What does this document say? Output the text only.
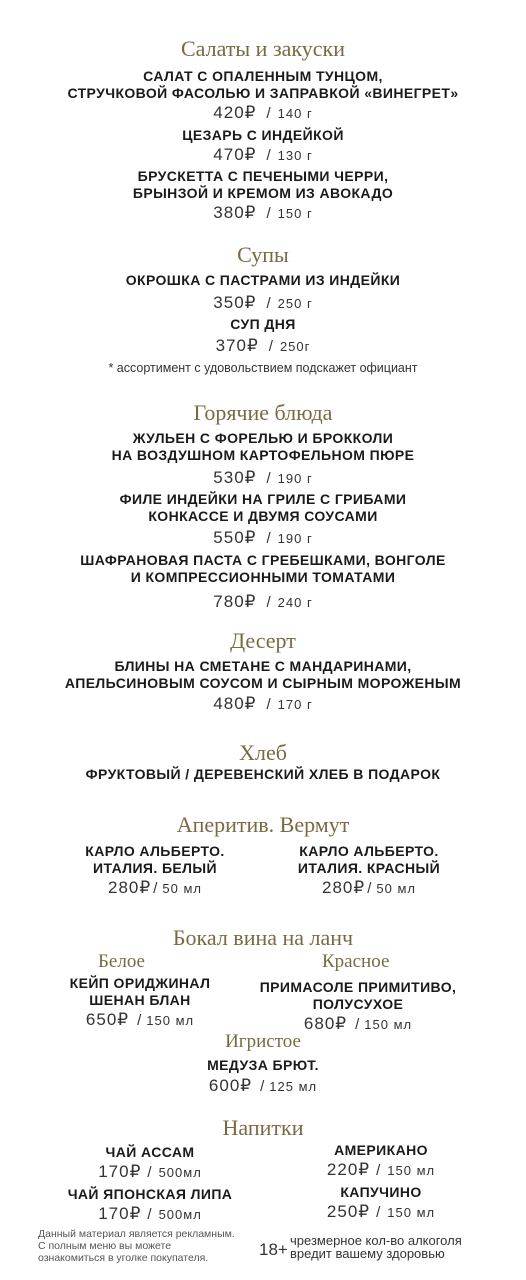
Салаты и закуски

САЛАТ С ОПАЛЕННЫМ ТУНЦОМ,

СТРУЧКОВОЙ ФАСОЛЬЮ И ЗАПРАВКОЙ «ВИНЕГРЕТ»

420₽ / 140 г

ЦЕЗАРЬ С ИНДЕЙКОЙ

470₽ / 130 г

БРУСКЕТТА С ПЕЧЕНЫМИ ЧЕРРИ,

БРЫНЗОЙ И КРЕМОМ ИЗ АВОКАДО

380₽ / 150 г

Супы

ОКРОШКА С ПАСТРАМИ ИЗ ИНДЕЙКИ

350₽ / 250 г

СУП ДНЯ

370₽ / 250г
* ассортимент с удовольствием подскажет официант

Горячие блюда

ЖУЛЬЕН С ФОРЕЛЬЮ И БРОККОЛИ

НА ВОЗДУШНОМ КАРТОФЕЛЬНОМ ПЮРЕ

530₽ / 190 г

ФИЛЕ ИНДЕЙКИ НА ГРИЛЕ С ГРИБАМИ

КОНКАССЕ И ДВУМЯ СОУСАМИ

550₽ / 190 г

ШАФРАНОВАЯ ПАСТА С ГРЕБЕШКАМИ, ВОНГОЛЕ

И КОМПРЕССИОННЫМИ ТОМАТАМИ

780₽ / 240 г

Десерт

БЛИНЫ НА СМЕТАНЕ С МАНДАРИНАМИ,

АПЕЛЬСИНОВЫМ СОУСОМ И СЫРНЫМ МОРОЖЕНЫМ

480₽ / 170 г

Хлеб

ФРУКТОВЫЙ / ДЕРЕВЕНСКИЙ ХЛЕБ В ПОДАРОК

Аперитив. Вермут

КАРЛО АЛЬБЕРТО.

ИТАЛИЯ. БЕЛЫЙ

280₽ / 50 мл

КАРЛО АЛЬБЕРТО.

ИТАЛИЯ. КРАСНЫЙ

280₽ / 50 мл

Бокал вина на ланч

Белое

КЕЙП ОРИДЖИНАЛ

ШЕНАН БЛАН

650₽ / 150 мл

Красное

ПРИМАСОЛЕ ПРИМИТИВО,

ПОЛУСУХОЕ

680₽ / 150 мл

Игристое

МЕДУЗА БРЮТ.

600₽ / 125 мл

Напитки

ЧАЙ АССАМ

170₽ / 500мл

ЧАЙ ЯПОНСКАЯ ЛИПА

170₽ / 500мл

АМЕРИКАНО

220₽ / 150 мл

КАПУЧИНО

250₽ / 150 мл
Данный материал является рекламным.
С полным меню вы можете
ознакомиться в уголке покупателя.	18+ чрезмерное кол-во алкоголя
вредит вашему здоровью
